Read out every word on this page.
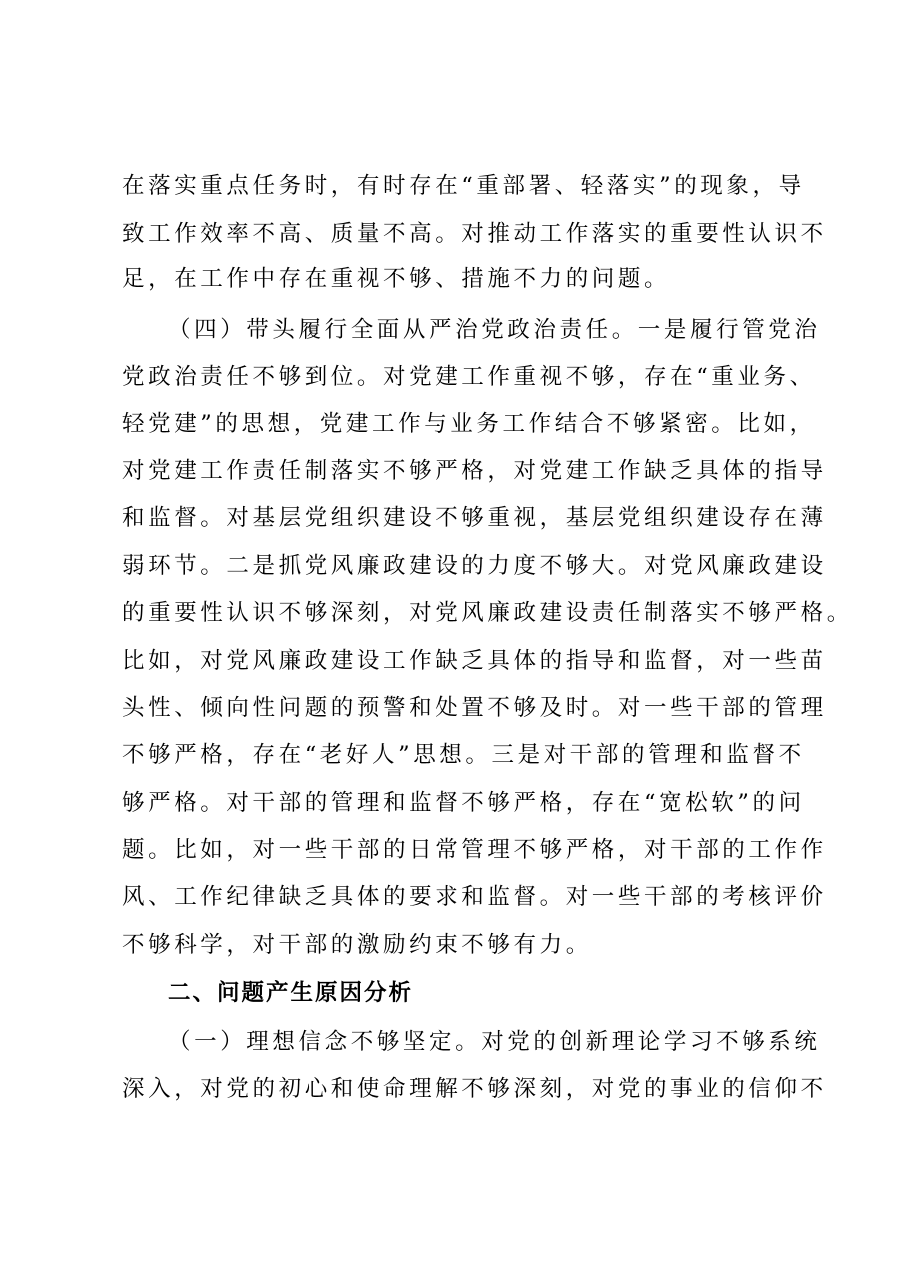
在落实重点任务时，有时存在“重部署、轻落实”的现象，导
致工作效率不高、质量不高。对推动工作落实的重要性认识不
足，在工作中存在重视不够、措施不力的问题。
（四）带头履行全面从严治党政治责任。一是履行管党治
党政治责任不够到位。对党建工作重视不够，存在“重业务、
轻党建”的思想，党建工作与业务工作结合不够紧密。比如，
对党建工作责任制落实不够严格，对党建工作缺乏具体的指导
和监督。对基层党组织建设不够重视，基层党组织建设存在薄
弱环节。二是抓党风廉政建设的力度不够大。对党风廉政建设
的重要性认识不够深刻，对党风廉政建设责任制落实不够严格。
比如，对党风廉政建设工作缺乏具体的指导和监督，对一些苗
头性、倾向性问题的预警和处置不够及时。对一些干部的管理
不够严格，存在“老好人”思想。三是对干部的管理和监督不
够严格。对干部的管理和监督不够严格，存在“宽松软”的问
题。比如，对一些干部的日常管理不够严格，对干部的工作作
风、工作纪律缺乏具体的要求和监督。对一些干部的考核评价
不够科学，对干部的激励约束不够有力。
二、问题产生原因分析
（一）理想信念不够坚定。对党的创新理论学习不够系统
深入，对党的初心和使命理解不够深刻，对党的事业的信仰不
